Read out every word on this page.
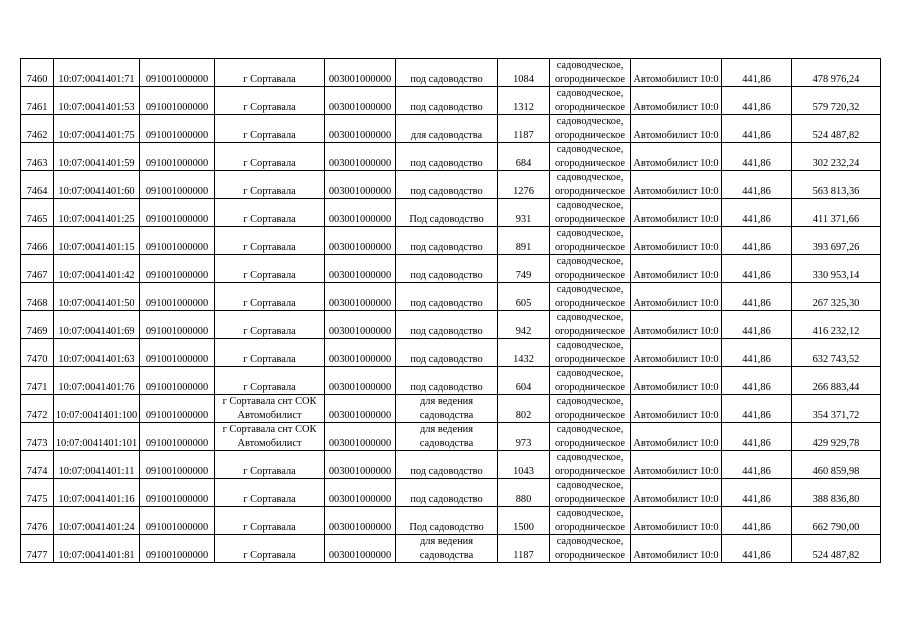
7460	10:07:0041401:71	091001000000	г Сортавала	003001000000	под садоводство	1084	садоводческое,
огородническое	Автомобилист 10:0	441,86	478 976,24

7461	10:07:0041401:53	091001000000	г Сортавала	003001000000	под садоводство	1312	садоводческое,
огородническое	Автомобилист 10:0	441,86	579 720,32

7462	10:07:0041401:75	091001000000	г Сортавала	003001000000	для садоводства	1187	садоводческое,
огородническое	Автомобилист 10:0	441,86	524 487,82

7463	10:07:0041401:59	091001000000	г Сортавала	003001000000	под садоводство	684	садоводческое,
огородническое	Автомобилист 10:0	441,86	302 232,24

7464	10:07:0041401:60	091001000000	г Сортавала	003001000000	под садоводство	1276	садоводческое,
огородническое	Автомобилист 10:0	441,86	563 813,36

7465	10:07:0041401:25	091001000000	г Сортавала	003001000000	Под садоводство	931	садоводческое,
огородническое	Автомобилист 10:0	441,86	411 371,66

7466	10:07:0041401:15	091001000000	г Сортавала	003001000000	под садоводство	891	садоводческое,
огородническое	Автомобилист 10:0	441,86	393 697,26

7467	10:07:0041401:42	091001000000	г Сортавала	003001000000	под садоводство	749	садоводческое,
огородническое	Автомобилист 10:0	441,86	330 953,14

7468	10:07:0041401:50	091001000000	г Сортавала	003001000000	под садоводство	605	садоводческое,
огородническое	Автомобилист 10:0	441,86	267 325,30

7469	10:07:0041401:69	091001000000	г Сортавала	003001000000	под садоводство	942	садоводческое,
огородническое	Автомобилист 10:0	441,86	416 232,12

7470	10:07:0041401:63	091001000000	г Сортавала	003001000000	под садоводство	1432	садоводческое,
огородническое	Автомобилист 10:0	441,86	632 743,52

7471	10:07:0041401:76	091001000000	г Сортавала	003001000000	под садоводство	604	садоводческое,
огородническое	Автомобилист 10:0	441,86	266 883,44

7472	10:07:0041401:100	091001000000	г Сортавала снт СОК
Автомобилист	003001000000	для ведения
садоводства	802	садоводческое,
огородническое	Автомобилист 10:0	441,86	354 371,72

7473	10:07:0041401:101	091001000000	г Сортавала снт СОК
Автомобилист	003001000000	для ведения
садоводства	973	садоводческое,
огородническое	Автомобилист 10:0	441,86	429 929,78

7474	10:07:0041401:11	091001000000	г Сортавала	003001000000	под садоводство	1043	садоводческое,
огородническое	Автомобилист 10:0	441,86	460 859,98

7475	10:07:0041401:16	091001000000	г Сортавала	003001000000	под садоводство	880	садоводческое,
огородническое	Автомобилист 10:0	441,86	388 836,80

7476	10:07:0041401:24	091001000000	г Сортавала	003001000000	Под садоводство	1500	садоводческое,
огородническое	Автомобилист 10:0	441,86	662 790,00

7477	10:07:0041401:81	091001000000	г Сортавала	003001000000	для ведения
садоводства	1187	садоводческое,
огородническое	Автомобилист 10:0	441,86	524 487,82
